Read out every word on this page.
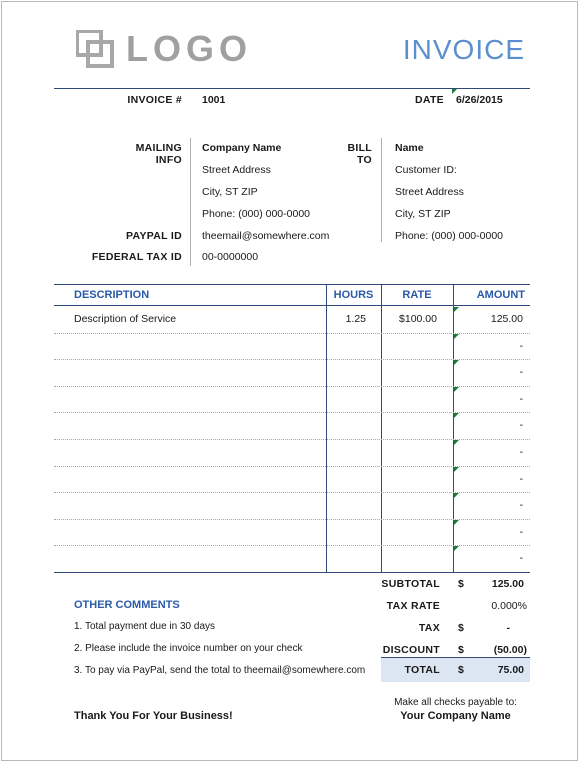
LOGO	INVOICE
INVOICE # 1001	DATE 6/26/2015
MAILING
INFO
Company Name
Street Address
City, ST ZIP
Phone: (000) 000-0000
PAYPAL ID theemail@somewhere.com
FEDERAL TAX ID 00-0000000
BILL
TO
Name
Customer ID:
Street Address
City, ST ZIP
Phone: (000) 000-0000
DESCRIPTION	HOURS	RATE	AMOUNT
Description of Service	1.25	$100.00	125.00
-
-
-
-
-
-
-
-
-
SUBTOTAL $	125.00
TAX RATE	0.000%
TAX $	-
DISCOUNT $	(50.00)
TOTAL $	75.00
OTHER COMMENTS
1. Total payment due in 30 days
2. Please include the invoice number on your check
3. To pay via PayPal, send the total to theemail@somewhere.com
Thank You For Your Business!
Make all checks payable to:
Your Company Name
